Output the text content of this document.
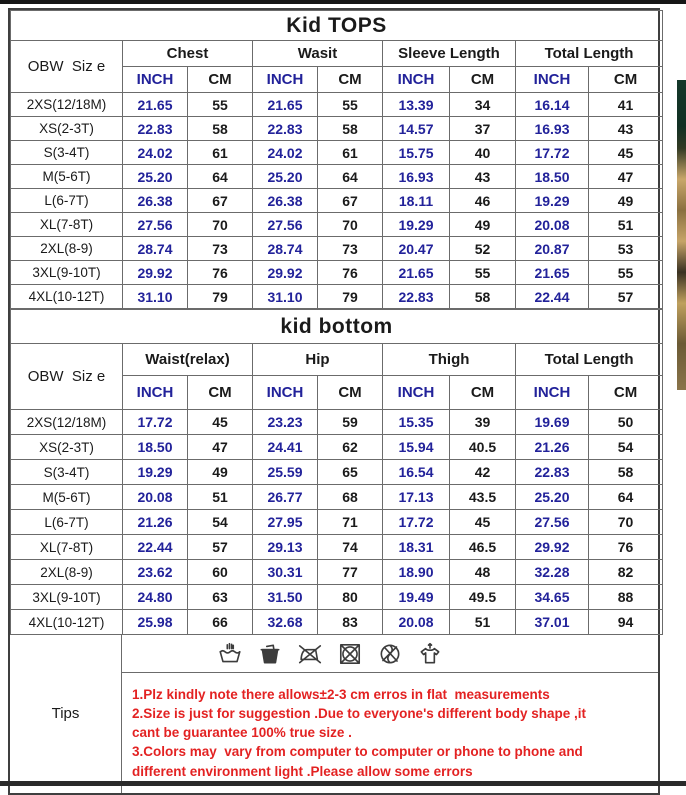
Kid TOPS								
OBW  Siz e	Chest		Wasit		Sleeve Length		Total Length	
	INCH	CM	INCH	CM	INCH	CM	INCH	CM
2XS(12/18M)	21.65	55	21.65	55	13.39	34	16.14	41
XS(2-3T)	22.83	58	22.83	58	14.57	37	16.93	43
S(3-4T)	24.02	61	24.02	61	15.75	40	17.72	45
M(5-6T)	25.20	64	25.20	64	16.93	43	18.50	47
L(6-7T)	26.38	67	26.38	67	18.11	46	19.29	49
XL(7-8T)	27.56	70	27.56	70	19.29	49	20.08	51
2XL(8-9)	28.74	73	28.74	73	20.47	52	20.87	53
3XL(9-10T)	29.92	76	29.92	76	21.65	55	21.65	55
4XL(10-12T)	31.10	79	31.10	79	22.83	58	22.44	57
kid bottom								
OBW  Siz e	Waist(relax)		Hip		Thigh		Total Length	
	INCH	CM	INCH	CM	INCH	CM	INCH	CM
2XS(12/18M)	17.72	45	23.23	59	15.35	39	19.69	50
XS(2-3T)	18.50	47	24.41	62	15.94	40.5	21.26	54
S(3-4T)	19.29	49	25.59	65	16.54	42	22.83	58
M(5-6T)	20.08	51	26.77	68	17.13	43.5	25.20	64
L(6-7T)	21.26	54	27.95	71	17.72	45	27.56	70
XL(7-8T)	22.44	57	29.13	74	18.31	46.5	29.92	76
2XL(8-9)	23.62	60	30.31	77	18.90	48	32.28	82
3XL(9-10T)	24.80	63	31.50	80	19.49	49.5	34.65	88
4XL(10-12T)	25.98	66	32.68	83	20.08	51	37.01	94
Tips

1.Plz kindly note there allows±2-3 cm erros in flat  measurements

2.Size is just for suggestion .Due to everyone's different body shape ,it cant be guarantee 100% true size .

3.Colors may  vary from computer to computer or phone to phone and different environment light .Please allow some errors
